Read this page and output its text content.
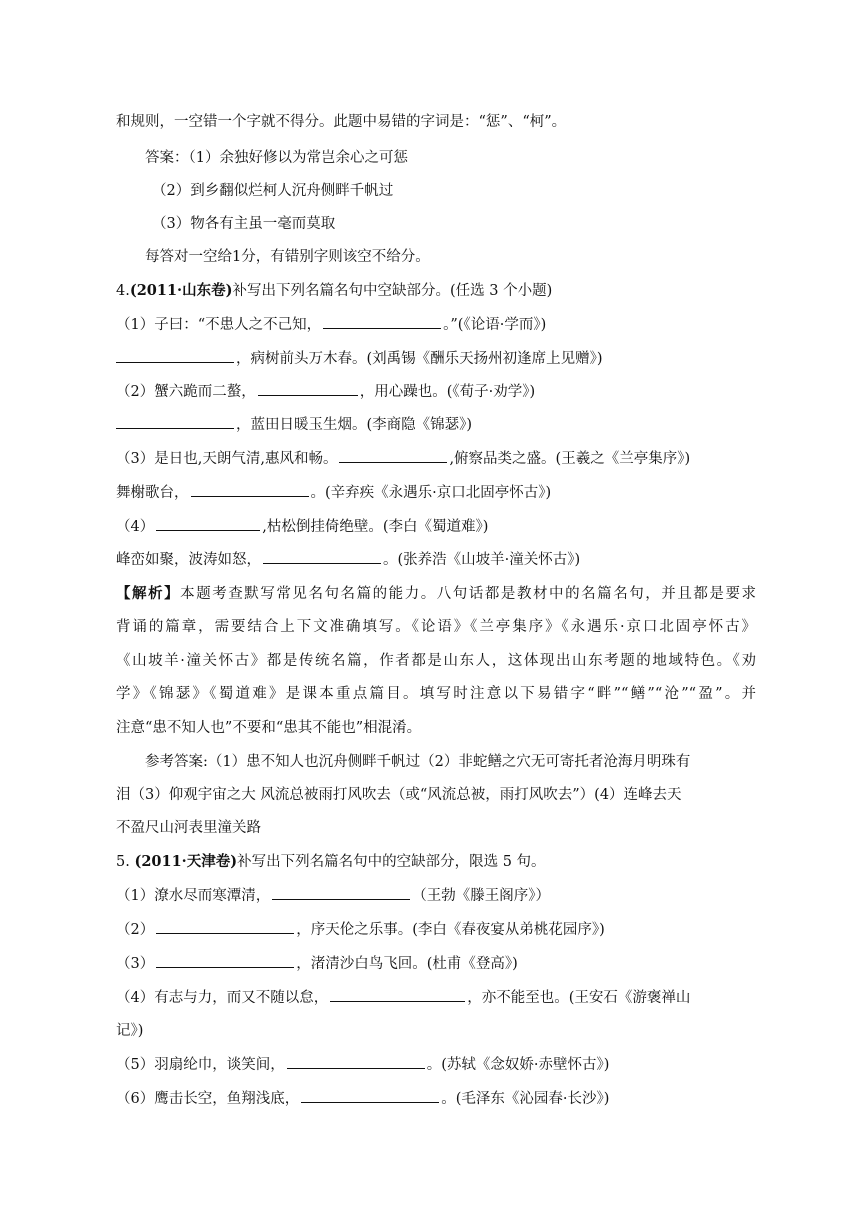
和规则，一空错一个字就不得分。此题中易错的字词是：“惩”、“柯”。
答案：（1）余独好修以为常岂余心之可惩
（2）到乡翻似烂柯人沉舟侧畔千帆过
（3）物各有主虽一毫而莫取
每答对一空给1分，有错别字则该空不给分。
4.(2011·山东卷)补写出下列名篇名句中空缺部分。(任选 3 个小题)
（1）子曰：“不患人之不己知，	。”(《论语·学而》)
，病树前头万木春。(刘禹锡《酬乐天扬州初逢席上见赠》)
（2）蟹六跪而二螯，	，用心躁也。(《荀子·劝学》)
，蓝田日暖玉生烟。(李商隐《锦瑟》)
（3）是日也,天朗气清,惠风和畅。	,俯察品类之盛。(王羲之《兰亭集序》)
舞榭歌台，	。(辛弃疾《永遇乐·京口北固亭怀古》)
（4）	,枯松倒挂倚绝壁。(李白《蜀道难》)
峰峦如聚，波涛如怒，	。(张养浩《山坡羊·潼关怀古》)
【解析】本题考查默写常见名句名篇的能力。八句话都是教材中的名篇名句，并且都是要求
背诵的篇章，需要结合上下文准确填写。《论语》《兰亭集序》《永遇乐·京口北固亭怀古》
《山坡羊·潼关怀古》都是传统名篇，作者都是山东人，这体现出山东考题的地域特色。《劝
学》《锦瑟》《蜀道难》是课本重点篇目。填写时注意以下易错字“畔”“鳝”“沧”“盈”。并
注意“患不知人也”不要和“患其不能也”相混淆。
参考答案:（1）患不知人也沉舟侧畔千帆过（2）非蛇鳝之穴无可寄托者沧海月明珠有
泪（3）仰观宇宙之大 风流总被雨打风吹去（或“风流总被，雨打风吹去”）(4）连峰去天
不盈尺山河表里潼关路
5. (2011·天津卷)补写出下列名篇名句中的空缺部分，限选 5 句。
（1）潦水尽而寒潭清，	（王勃《滕王阁序》）
（2）	，序天伦之乐事。(李白《春夜宴从弟桃花园序》)
（3）	，渚清沙白鸟飞回。(杜甫《登高》)
（4）有志与力，而又不随以怠，	，亦不能至也。(王安石《游褒禅山
记》)
（5）羽扇纶巾，谈笑间，	。(苏轼《念奴娇·赤壁怀古》)
（6）鹰击长空，鱼翔浅底，	。(毛泽东《沁园春·长沙》)
